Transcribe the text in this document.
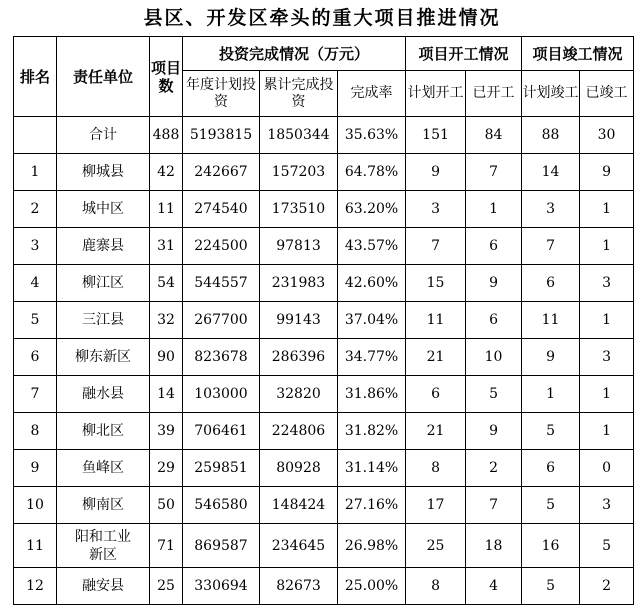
县区、开发区牵头的重大项目推进情况
排名	责任单位	项目数	投资完成情况（万元）			项目开工情况		项目竣工情况	
			年度计划投资	累计完成投资	完成率	计划开工	已开工	计划竣工	已竣工
	合计	488	5193815	1850344	35.63%	151	84	88	30
1	柳城县	42	242667	157203	64.78%	9	7	14	9
2	城中区	11	274540	173510	63.20%	3	1	3	1
3	鹿寨县	31	224500	97813	43.57%	7	6	7	1
4	柳江区	54	544557	231983	42.60%	15	9	6	3
5	三江县	32	267700	99143	37.04%	11	6	11	1
6	柳东新区	90	823678	286396	34.77%	21	10	9	3
7	融水县	14	103000	32820	31.86%	6	5	1	1
8	柳北区	39	706461	224806	31.82%	21	9	5	1
9	鱼峰区	29	259851	80928	31.14%	8	2	6	0
10	柳南区	50	546580	148424	27.16%	17	7	5	3
11	阳和工业新区	71	869587	234645	26.98%	25	18	16	5
12	融安县	25	330694	82673	25.00%	8	4	5	2
